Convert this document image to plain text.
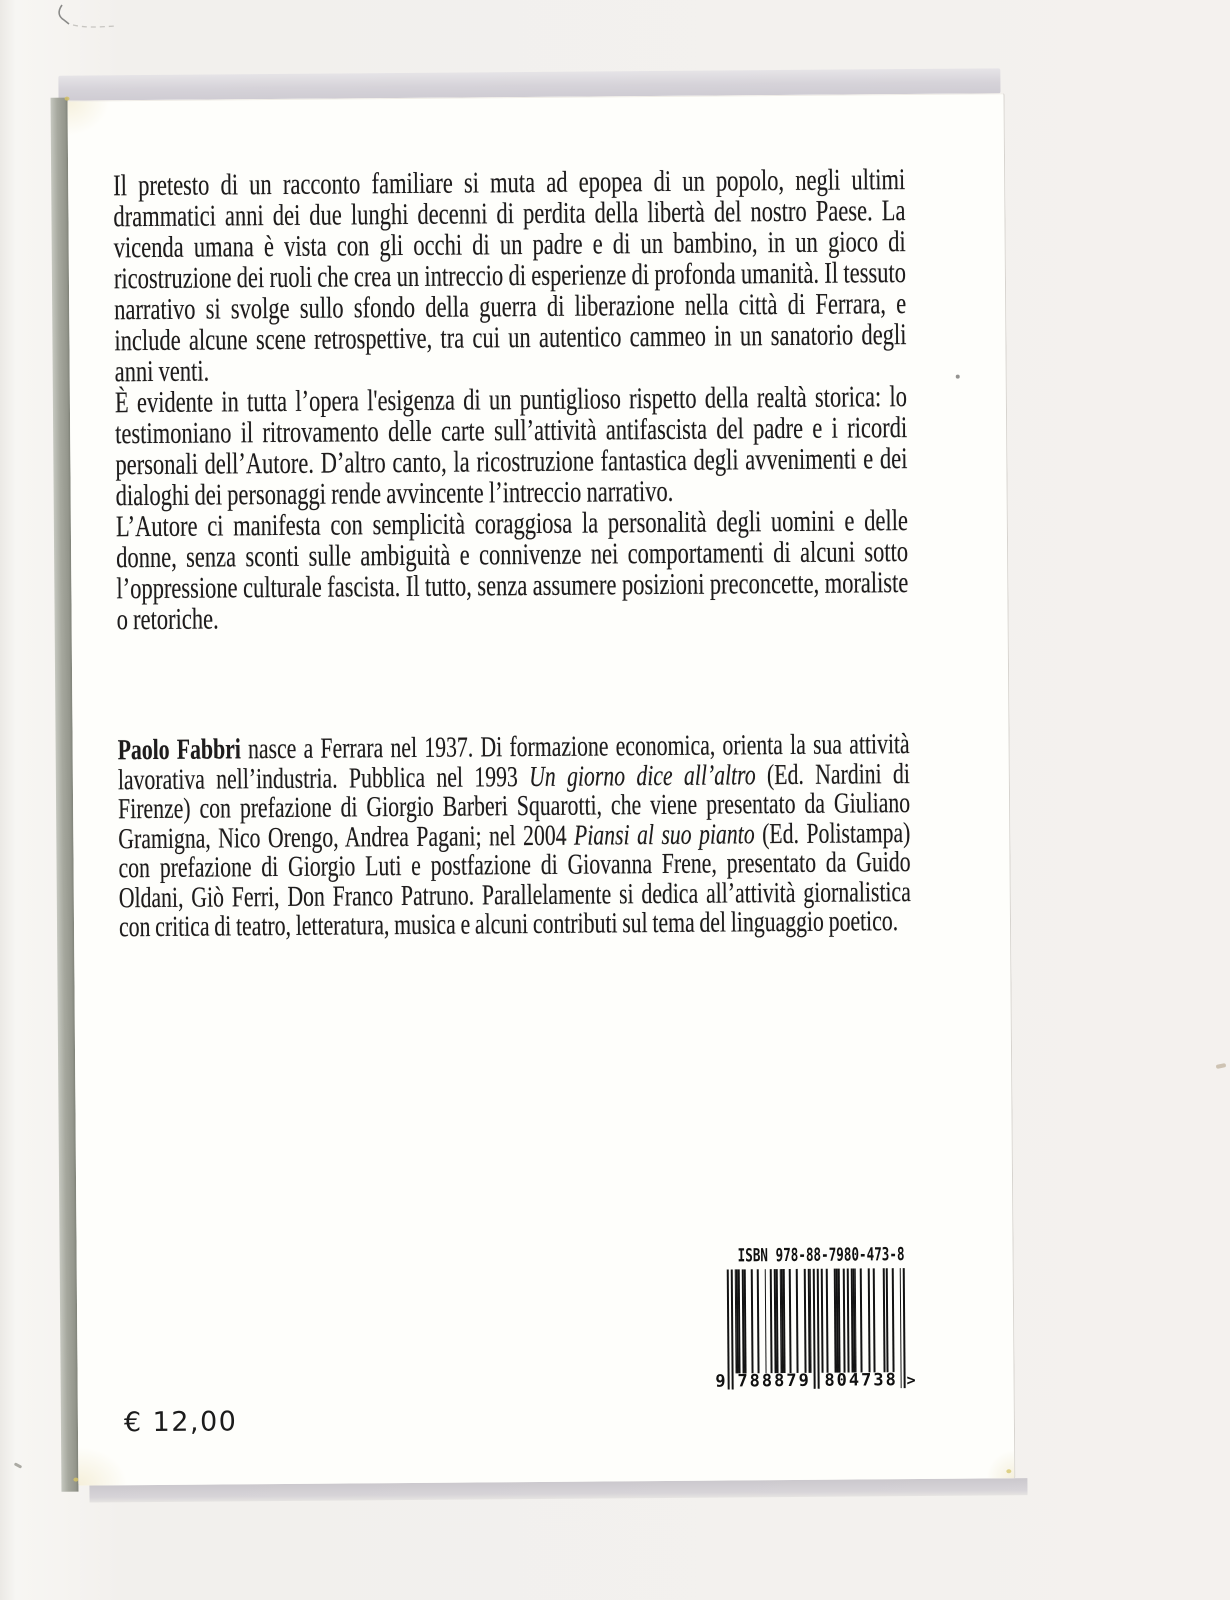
Il pretesto di un racconto familiare si muta ad epopea di un popolo, negli ultimi drammatici anni dei due lunghi decenni di perdita della libertà del nostro Paese. La vicenda umana è vista con gli occhi di un padre e di un bambino, in un gioco di ricostruzione dei ruoli che crea un intreccio di esperienze di profonda umanità. Il tessuto narrativo si svolge sullo sfondo della guerra di liberazione nella città di Ferrara, e include alcune scene retrospettive, tra cui un autentico cammeo in un sanatorio degli anni venti.

È evidente in tutta l’opera l'esigenza di un puntiglioso rispetto della realtà storica: lo testimoniano il ritrovamento delle carte sull’attività antifascista del padre e i ricordi personali dell’Autore. D’altro canto, la ricostruzione fantastica degli avvenimenti e dei dialoghi dei personaggi rende avvincente l’intreccio narrativo.

L’Autore ci manifesta con semplicità coraggiosa la personalità degli uomini e delle donne, senza sconti sulle ambiguità e connivenze nei comportamenti di alcuni sotto l’oppressione culturale fascista. Il tutto, senza assumere posizioni preconcette, moraliste o retoriche.

Paolo Fabbri nasce a Ferrara nel 1937. Di formazione economica, orienta la sua attività lavorativa nell’industria. Pubblica nel 1993 Un giorno dice all’altro (Ed. Nardini di Firenze) con prefazione di Giorgio Barberi Squarotti, che viene presentato da Giuliano Gramigna, Nico Orengo, Andrea Pagani; nel 2004 Piansi al suo pianto (Ed. Polistampa) con prefazione di Giorgio Luti e postfazione di Giovanna Frene, presentato da Guido Oldani, Giò Ferri, Don Franco Patruno. Parallelamente si dedica all’attività giornalistica con critica di teatro, letteratura, musica e alcuni contributi sul tema del linguaggio poetico.
ISBN 978-88-7980-473-8
9 788879 804738 >
€ 12,00
